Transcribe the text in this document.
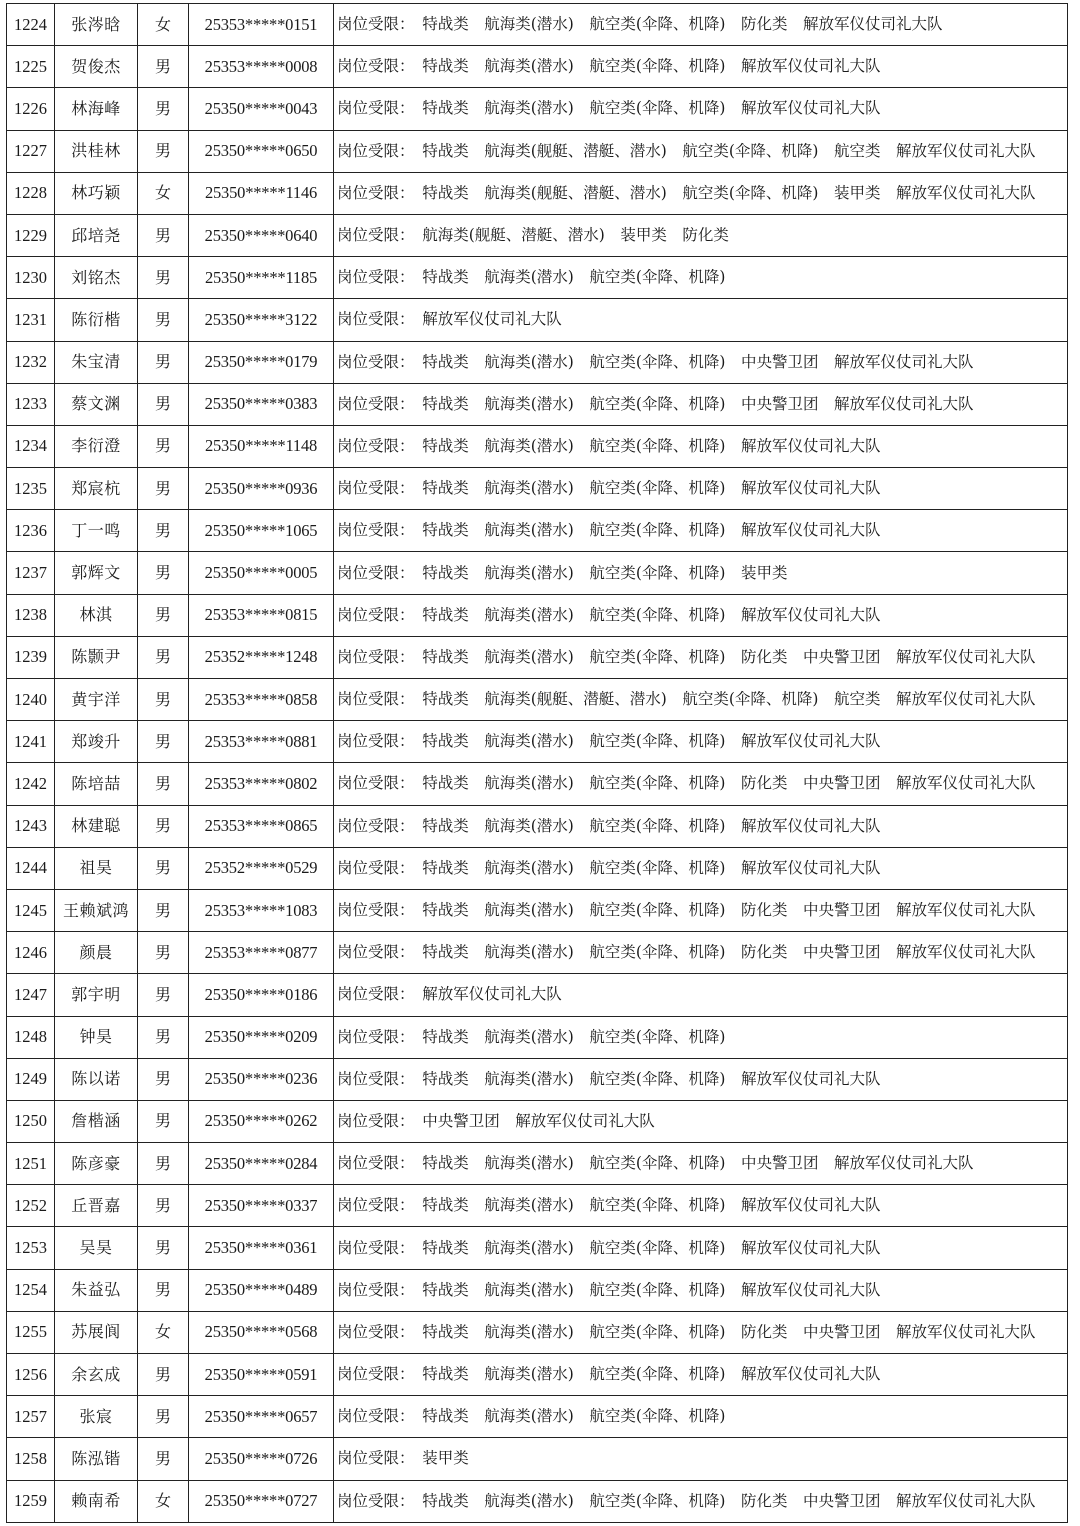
1224	张涔晗	女	25353*****0151	岗位受限：　特战类　航海类(潜水)　航空类(伞降、机降)　防化类　解放军仪仗司礼大队
1225	贺俊杰	男	25353*****0008	岗位受限：　特战类　航海类(潜水)　航空类(伞降、机降)　解放军仪仗司礼大队
1226	林海峰	男	25350*****0043	岗位受限：　特战类　航海类(潜水)　航空类(伞降、机降)　解放军仪仗司礼大队
1227	洪桂林	男	25350*****0650	岗位受限：　特战类　航海类(舰艇、潜艇、潜水)　航空类(伞降、机降)　航空类　解放军仪仗司礼大队
1228	林巧颖	女	25350*****1146	岗位受限：　特战类　航海类(舰艇、潜艇、潜水)　航空类(伞降、机降)　装甲类　解放军仪仗司礼大队
1229	邱培尧	男	25350*****0640	岗位受限：　航海类(舰艇、潜艇、潜水)　装甲类　防化类
1230	刘铭杰	男	25350*****1185	岗位受限：　特战类　航海类(潜水)　航空类(伞降、机降)
1231	陈衍楷	男	25350*****3122	岗位受限：　解放军仪仗司礼大队
1232	朱宝清	男	25350*****0179	岗位受限：　特战类　航海类(潜水)　航空类(伞降、机降)　中央警卫团　解放军仪仗司礼大队
1233	蔡文渊	男	25350*****0383	岗位受限：　特战类　航海类(潜水)　航空类(伞降、机降)　中央警卫团　解放军仪仗司礼大队
1234	李衍澄	男	25350*****1148	岗位受限：　特战类　航海类(潜水)　航空类(伞降、机降)　解放军仪仗司礼大队
1235	郑宸杭	男	25350*****0936	岗位受限：　特战类　航海类(潜水)　航空类(伞降、机降)　解放军仪仗司礼大队
1236	丁一鸣	男	25350*****1065	岗位受限：　特战类　航海类(潜水)　航空类(伞降、机降)　解放军仪仗司礼大队
1237	郭辉文	男	25350*****0005	岗位受限：　特战类　航海类(潜水)　航空类(伞降、机降)　装甲类
1238	林淇	男	25353*****0815	岗位受限：　特战类　航海类(潜水)　航空类(伞降、机降)　解放军仪仗司礼大队
1239	陈颢尹	男	25352*****1248	岗位受限：　特战类　航海类(潜水)　航空类(伞降、机降)　防化类　中央警卫团　解放军仪仗司礼大队
1240	黄宇洋	男	25353*****0858	岗位受限：　特战类　航海类(舰艇、潜艇、潜水)　航空类(伞降、机降)　航空类　解放军仪仗司礼大队
1241	郑竣升	男	25353*****0881	岗位受限：　特战类　航海类(潜水)　航空类(伞降、机降)　解放军仪仗司礼大队
1242	陈培喆	男	25353*****0802	岗位受限：　特战类　航海类(潜水)　航空类(伞降、机降)　防化类　中央警卫团　解放军仪仗司礼大队
1243	林建聪	男	25353*****0865	岗位受限：　特战类　航海类(潜水)　航空类(伞降、机降)　解放军仪仗司礼大队
1244	祖昊	男	25352*****0529	岗位受限：　特战类　航海类(潜水)　航空类(伞降、机降)　解放军仪仗司礼大队
1245	王赖斌鸿	男	25353*****1083	岗位受限：　特战类　航海类(潜水)　航空类(伞降、机降)　防化类　中央警卫团　解放军仪仗司礼大队
1246	颜晨	男	25353*****0877	岗位受限：　特战类　航海类(潜水)　航空类(伞降、机降)　防化类　中央警卫团　解放军仪仗司礼大队
1247	郭宇明	男	25350*****0186	岗位受限：　解放军仪仗司礼大队
1248	钟昊	男	25350*****0209	岗位受限：　特战类　航海类(潜水)　航空类(伞降、机降)
1249	陈以诺	男	25350*****0236	岗位受限：　特战类　航海类(潜水)　航空类(伞降、机降)　解放军仪仗司礼大队
1250	詹楷涵	男	25350*****0262	岗位受限：　中央警卫团　解放军仪仗司礼大队
1251	陈彦豪	男	25350*****0284	岗位受限：　特战类　航海类(潜水)　航空类(伞降、机降)　中央警卫团　解放军仪仗司礼大队
1252	丘晋嘉	男	25350*****0337	岗位受限：　特战类　航海类(潜水)　航空类(伞降、机降)　解放军仪仗司礼大队
1253	吴昊	男	25350*****0361	岗位受限：　特战类　航海类(潜水)　航空类(伞降、机降)　解放军仪仗司礼大队
1254	朱益弘	男	25350*****0489	岗位受限：　特战类　航海类(潜水)　航空类(伞降、机降)　解放军仪仗司礼大队
1255	苏展阆	女	25350*****0568	岗位受限：　特战类　航海类(潜水)　航空类(伞降、机降)　防化类　中央警卫团　解放军仪仗司礼大队
1256	余玄成	男	25350*****0591	岗位受限：　特战类　航海类(潜水)　航空类(伞降、机降)　解放军仪仗司礼大队
1257	张宸	男	25350*****0657	岗位受限：　特战类　航海类(潜水)　航空类(伞降、机降)
1258	陈泓锴	男	25350*****0726	岗位受限：　装甲类
1259	赖南希	女	25350*****0727	岗位受限：　特战类　航海类(潜水)　航空类(伞降、机降)　防化类　中央警卫团　解放军仪仗司礼大队
